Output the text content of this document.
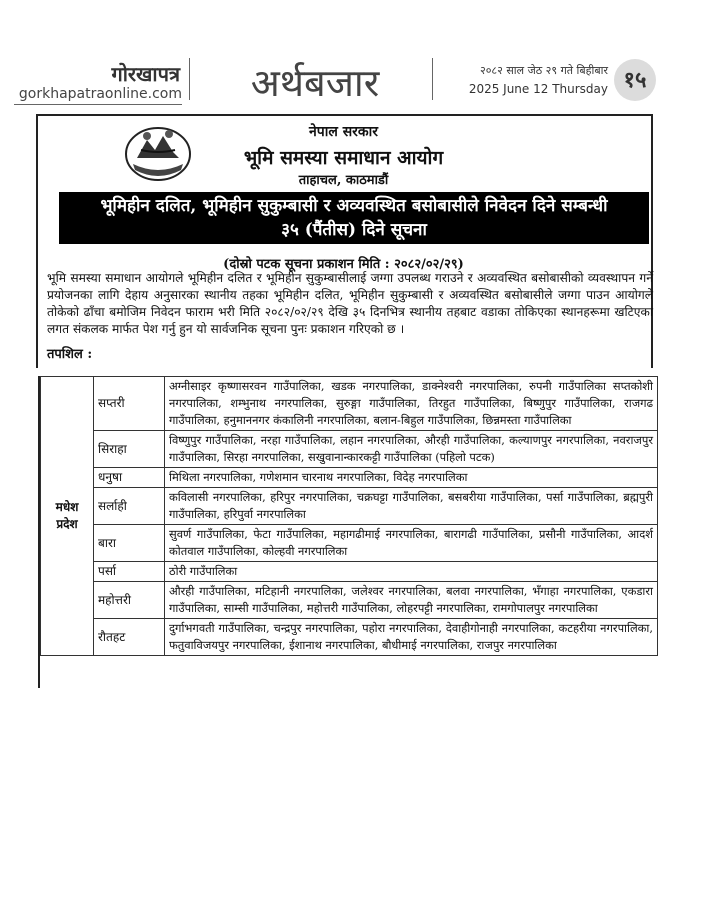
गोरखापत्र
gorkhapatraonline.com	अर्थबजार	२०८२ साल जेठ २९ गते बिहीबार
2025 June 12 Thursday १५
नेपाल सरकार
भूमि समस्या समाधान आयोग
ताहाचल, काठमाडौं
भूमिहीन दलित, भूमिहीन सुकुम्बासी र अव्यवस्थित बसोबासीले निवेदन दिने सम्बन्धी
३५ (पैंतीस) दिने सूचना
(दोस्रो पटक सूचना प्रकाशन मिति : २०८२/०२/२९)
भूमि समस्या समाधान आयोगले भूमिहीन दलित र भूमिहीन सुकुम्बासीलाई जग्गा उपलब्ध गराउने र अव्यवस्थित बसोबासीको व्यवस्थापन गर्ने प्रयोजनका लागि देहाय अनुसारका स्थानीय तहका भूमिहीन दलित, भूमिहीन सुकुम्बासी र अव्यवस्थित बसोबासीले जग्गा पाउन आयोगले तोकेको ढाँचा बमोजिम निवेदन फाराम भरी मिति २०८२/०२/२९ देखि ३५ दिनभित्र स्थानीय तहबाट वडाका तोकिएका स्थानहरूमा खटिएका लगत संकलक मार्फत पेश गर्नु हुन यो सार्वजनिक सूचना पुनः प्रकाशन गरिएको छ ।
तपशिल :
मधेश प्रदेश	सप्तरी	अग्नीसाइर कृष्णासरवन गाउँपालिका, खडक नगरपालिका, डाक्नेश्वरी नगरपालिका, रुपनी गाउँपालिका सप्तकोशी नगरपालिका, शम्भुनाथ नगरपालिका, सुरुङ्गा गाउँपालिका, तिरहुत गाउँपालिका, बिष्णुपुर गाउँपालिका, राजगढ गाउँपालिका, हनुमाननगर कंकालिनी नगरपालिका, बलान-बिहुल गाउँपालिका, छिन्नमस्ता गाउँपालिका
	सिराहा	विष्णुपुर गाउँपालिका, नरहा गाउँपालिका, लहान नगरपालिका, औरही गाउँपालिका, कल्याणपुर नगरपालिका, नवराजपुर गाउँपालिका, सिरहा नगरपालिका, सखुवानान्कारकट्टी गाउँपालिका (पहिलो पटक)
	धनुषा	मिथिला नगरपालिका, गणेशमान चारनाथ नगरपालिका, विदेह नगरपालिका
	सर्लाही	कविलासी नगरपालिका, हरिपुर नगरपालिका, चक्रघट्टा गाउँपालिका, बसबरीया गाउँपालिका, पर्सा गाउँपालिका, ब्रह्मपुरी गाउँपालिका, हरिपुर्वा नगरपालिका
	बारा	सुवर्ण गाउँपालिका, फेटा गाउँपालिका, महागढीमाई नगरपालिका, बारागढी गाउँपालिका, प्रसौनी गाउँपालिका, आदर्श कोतवाल गाउँपालिका, कोल्हवी नगरपालिका
	पर्सा	ठोरी गाउँपालिका
	महोत्तरी	औरही गाउँपालिका, मटिहानी नगरपालिका, जलेश्वर नगरपालिका, बलवा नगरपालिका, भँगाहा नगरपालिका, एकडारा गाउँपालिका, साम्सी गाउँपालिका, महोत्तरी गाउँपालिका, लोहरपट्टी नगरपालिका, रामगोपालपुर नगरपालिका
	रौतहट	दुर्गाभगवती गाउँपालिका, चन्द्रपुर नगरपालिका, पहोरा नगरपालिका, देवाहीगोनाही नगरपालिका, कटहरीया नगरपालिका, फतुवाविजयपुर नगरपालिका, ईशानाथ नगरपालिका, बौधीमाई नगरपालिका, राजपुर नगरपालिका
